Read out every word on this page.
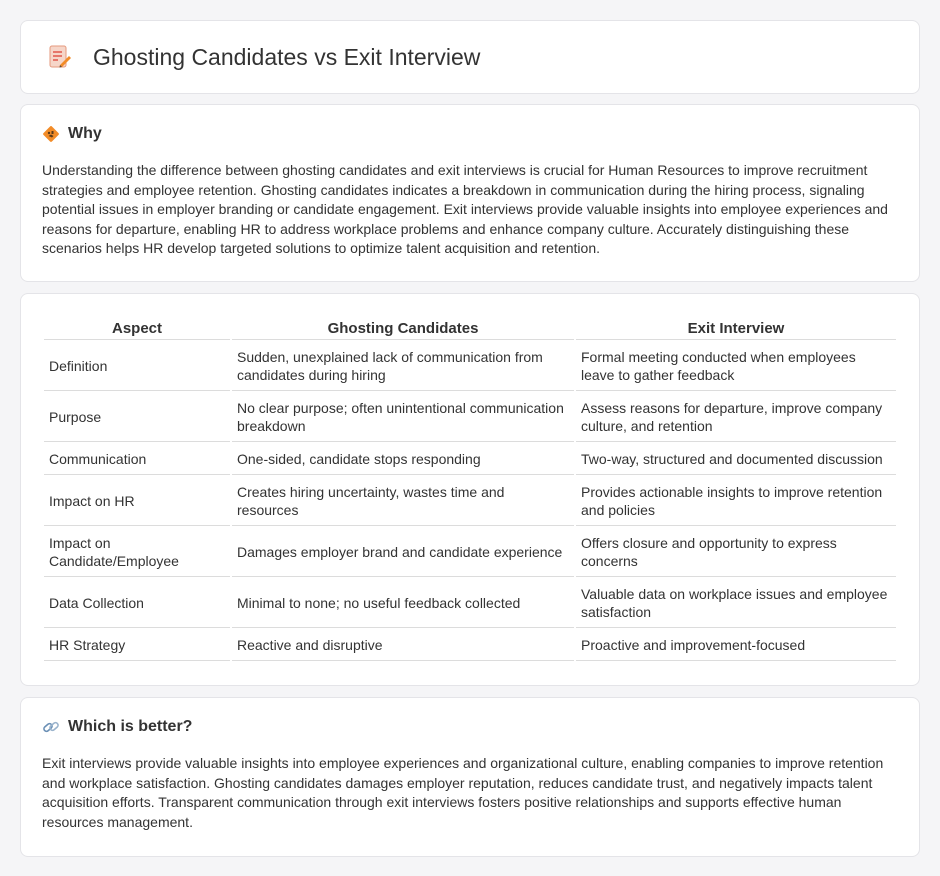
Ghosting Candidates vs Exit Interview
Why

Understanding the difference between ghosting candidates and exit interviews is crucial for Human Resources to improve recruitment strategies and employee retention. Ghosting candidates indicates a breakdown in communication during the hiring process, signaling potential issues in employer branding or candidate engagement. Exit interviews provide valuable insights into employee experiences and reasons for departure, enabling HR to address workplace problems and enhance company culture. Accurately distinguishing these scenarios helps HR develop targeted solutions to optimize talent acquisition and retention.

Aspect	Ghosting Candidates	Exit Interview
Definition	Sudden, unexplained lack of communication from candidates during hiring	Formal meeting conducted when employees leave to gather feedback
Purpose	No clear purpose; often unintentional communication breakdown	Assess reasons for departure, improve company culture, and retention
Communication	One-sided, candidate stops responding	Two-way, structured and documented discussion
Impact on HR	Creates hiring uncertainty, wastes time and resources	Provides actionable insights to improve retention and policies
Impact on Candidate/Employee	Damages employer brand and candidate experience	Offers closure and opportunity to express concerns
Data Collection	Minimal to none; no useful feedback collected	Valuable data on workplace issues and employee satisfaction
HR Strategy	Reactive and disruptive	Proactive and improvement-focused
Which is better?

Exit interviews provide valuable insights into employee experiences and organizational culture, enabling companies to improve retention and workplace satisfaction. Ghosting candidates damages employer reputation, reduces candidate trust, and negatively impacts talent acquisition efforts. Transparent communication through exit interviews fosters positive relationships and supports effective human resources management.
